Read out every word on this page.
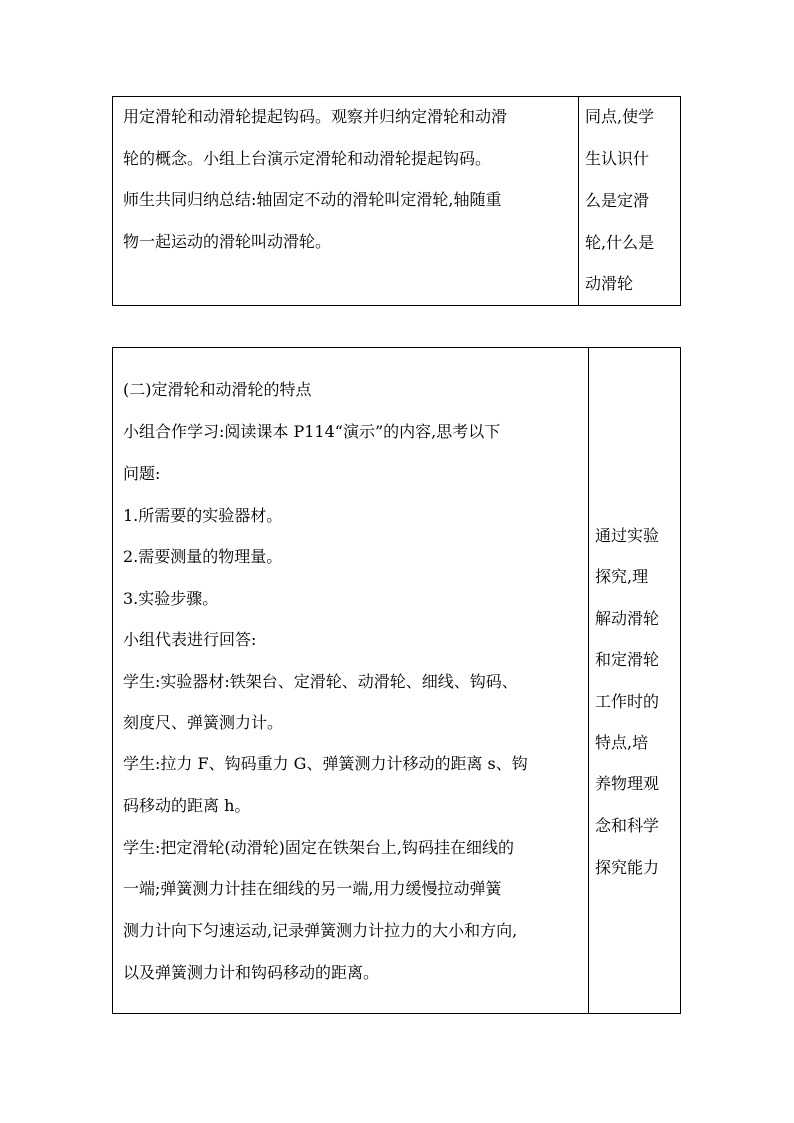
用定滑轮和动滑轮提起钩码。观察并归纳定滑轮和动滑
轮的概念。小组上台演示定滑轮和动滑轮提起钩码。
师生共同归纳总结:轴固定不动的滑轮叫定滑轮,轴随重
物一起运动的滑轮叫动滑轮。
同点,使学
生认识什
么是定滑
轮,什么是
动滑轮
(二)定滑轮和动滑轮的特点
小组合作学习:阅读课本 P114“演示”的内容,思考以下
问题:
1.所需要的实验器材。
2.需要测量的物理量。
3.实验步骤。
小组代表进行回答:
学生:实验器材:铁架台、定滑轮、动滑轮、细线、钩码、
刻度尺、弹簧测力计。
学生:拉力 F、钩码重力 G、弹簧测力计移动的距离 s、钩
码移动的距离 h。
学生:把定滑轮(动滑轮)固定在铁架台上,钩码挂在细线的
一端;弹簧测力计挂在细线的另一端,用力缓慢拉动弹簧
测力计向下匀速运动,记录弹簧测力计拉力的大小和方向,
以及弹簧测力计和钩码移动的距离。
通过实验
探究,理
解动滑轮
和定滑轮
工作时的
特点,培
养物理观
念和科学
探究能力
